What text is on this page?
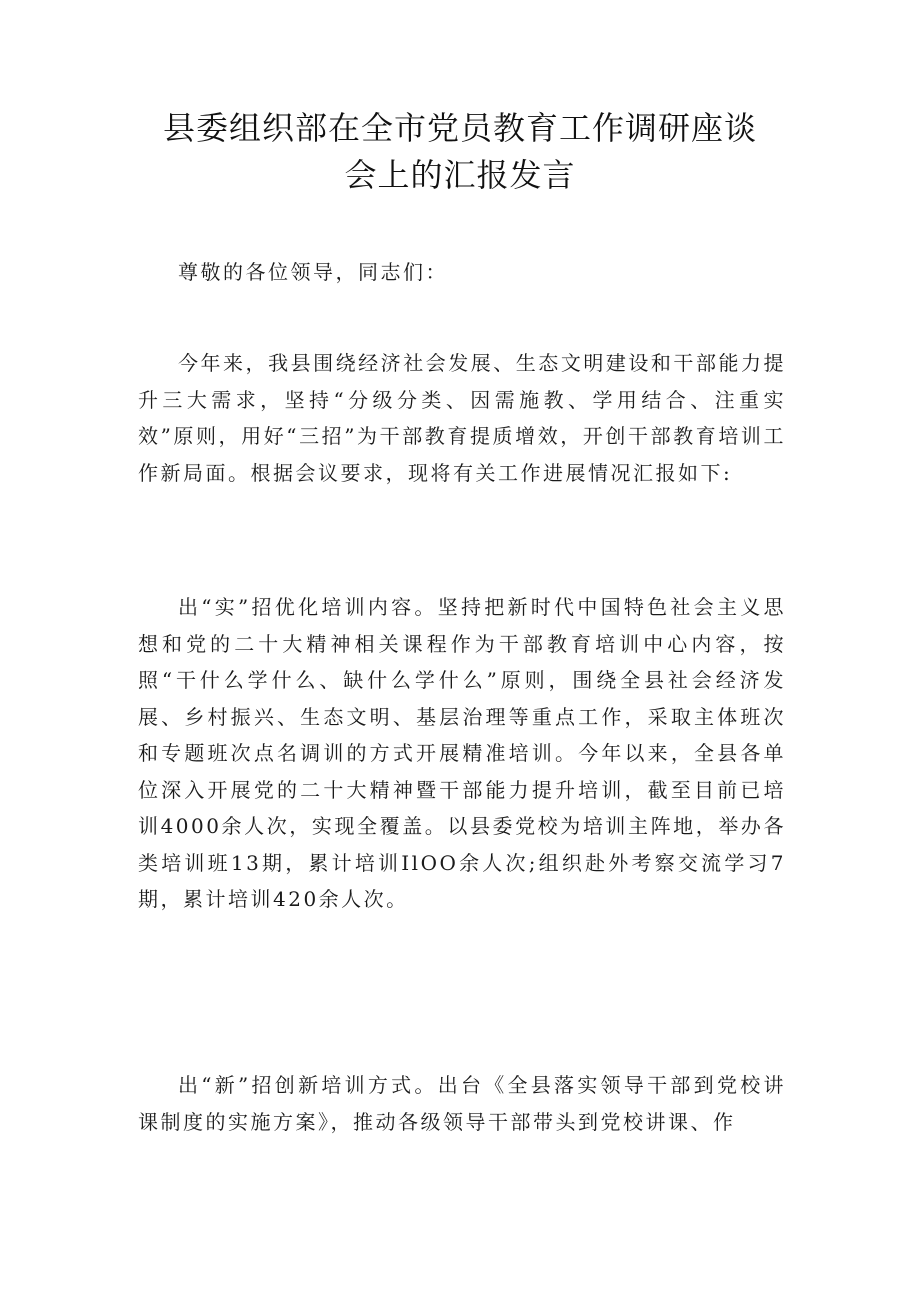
县委组织部在全市党员教育工作调研座谈
会上的汇报发言

尊敬的各位领导，同志们：

今年来，我县围绕经济社会发展、生态文明建设和干部能力提升三大需求，坚持“分级分类、因需施教、学用结合、注重实效”原则，用好“三招”为干部教育提质增效，开创干部教育培训工作新局面。根据会议要求，现将有关工作进展情况汇报如下:

出“实”招优化培训内容。坚持把新时代中国特色社会主义思想和党的二十大精神相关课程作为干部教育培训中心内容，按照“干什么学什么、缺什么学什么”原则，围绕全县社会经济发展、乡村振兴、生态文明、基层治理等重点工作，采取主体班次和专题班次点名调训的方式开展精准培训。今年以来，全县各单位深入开展党的二十大精神暨干部能力提升培训，截至目前已培训4000余人次，实现全覆盖。以县委党校为培训主阵地，举办各类培训班13期，累计培训IlOO余人次;组织赴外考察交流学习7期，累计培训420余人次。

出“新”招创新培训方式。出台《全县落实领导干部到党校讲课制度的实施方案》，推动各级领导干部带头到党校讲课、作
